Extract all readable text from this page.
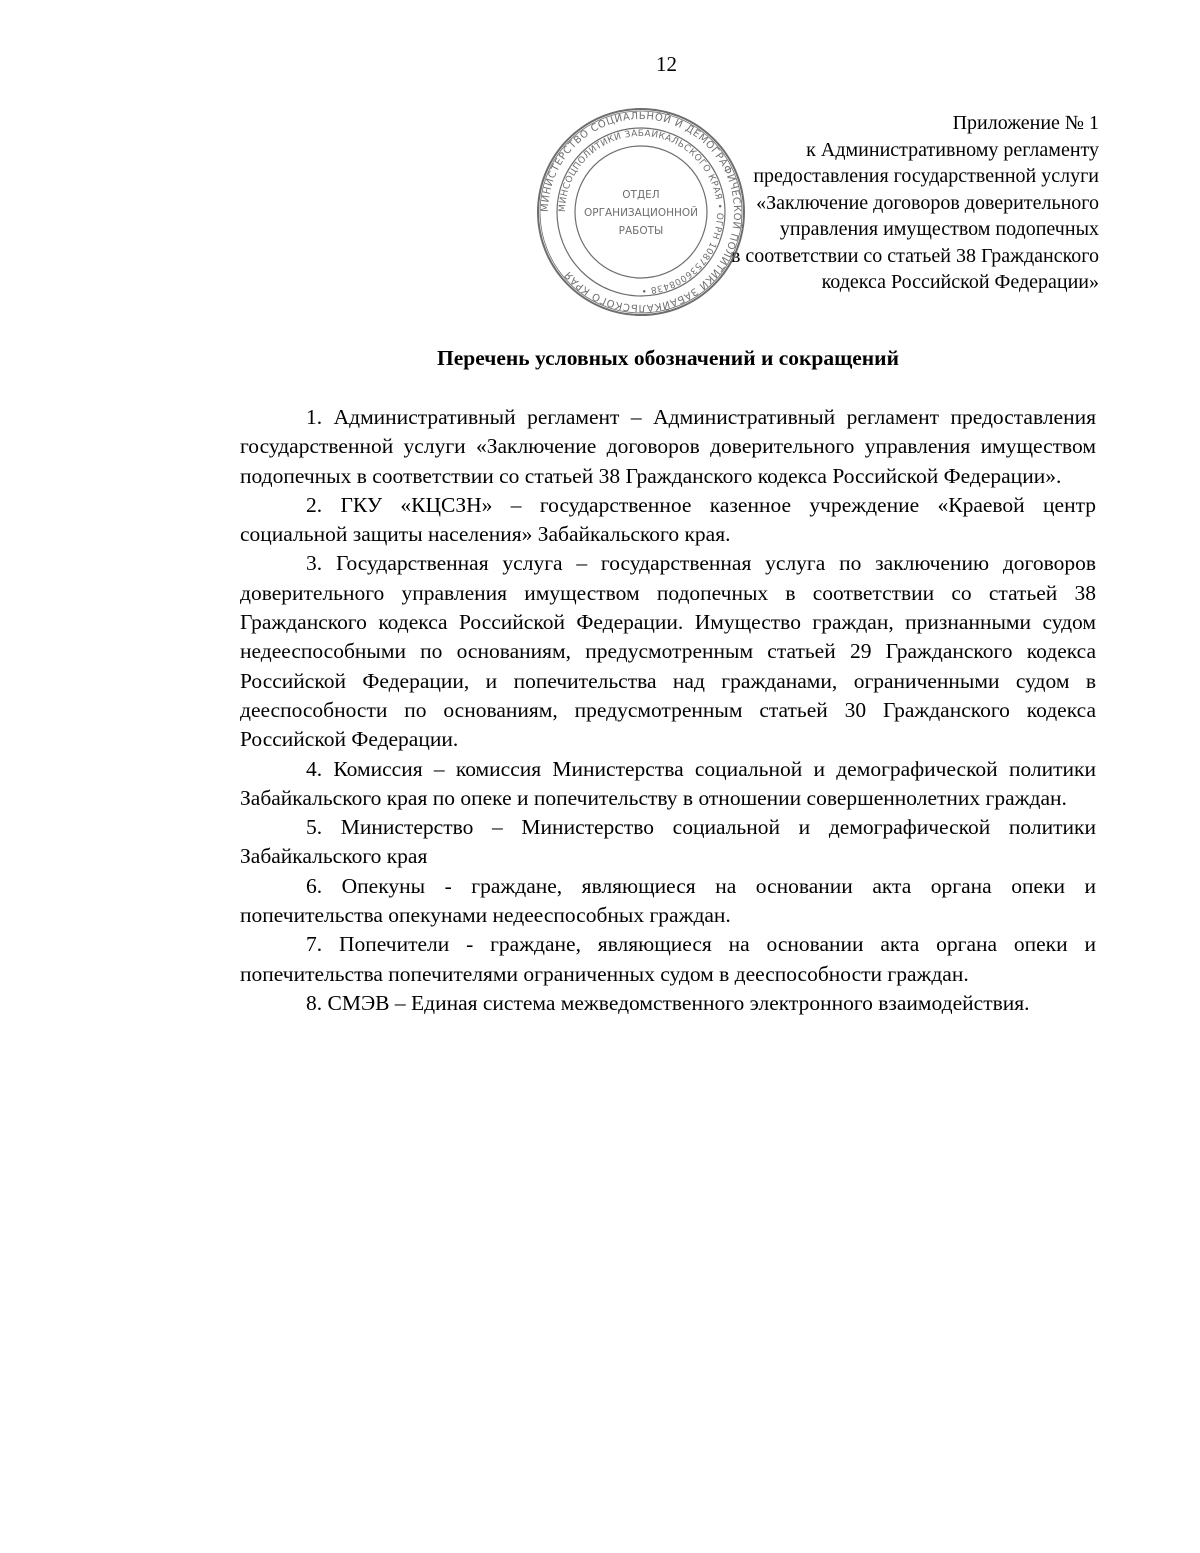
12
Приложение № 1
к Административному регламенту
предоставления государственной услуги
«Заключение договоров доверительного
управления имуществом подопечных
в соответствии со статьей 38 Гражданского
кодекса Российской Федерации»
МИНИСТЕРСТВО СОЦИАЛЬНОЙ И ДЕМОГРАФИЧЕСКОЙ ПОЛИТИКИ ЗАБАЙКАЛЬСКОГО КРАЯ
МИНСОЦПОЛИТИКИ ЗАБАЙКАЛЬСКОГО КРАЯ • ОГРН 1087536008438 •
ОТДЕЛ
ОРГАНИЗАЦИОННОЙ
РАБОТЫ
Перечень условных обозначений и сокращений

1. Административный регламент – Административный регламент предоставления государственной услуги «Заключение договоров доверительного управления имуществом подопечных в соответствии со статьей 38 Гражданского кодекса Российской Федерации».

2. ГКУ «КЦСЗН» – государственное казенное учреждение «Краевой центр социальной защиты населения» Забайкальского края.

3. Государственная услуга – государственная услуга по заключению договоров доверительного управления имуществом подопечных в соответствии со статьей 38 Гражданского кодекса Российской Федерации. Имущество граждан, признанными судом недееспособными по основаниям, предусмотренным статьей 29 Гражданского кодекса Российской Федерации, и попечительства над гражданами, ограниченными судом в дееспособности по основаниям, предусмотренным статьей 30 Гражданского кодекса Российской Федерации.

4. Комиссия – комиссия Министерства социальной и демографической политики Забайкальского края по опеке и попечительству в отношении совершеннолетних граждан.

5. Министерство – Министерство социальной и демографической политики Забайкальского края

6. Опекуны - граждане, являющиеся на основании акта органа опеки и попечительства опекунами недееспособных граждан.

7. Попечители - граждане, являющиеся на основании акта органа опеки и попечительства попечителями ограниченных судом в дееспособности граждан.

8. СМЭВ – Единая система межведомственного электронного взаимодействия.
